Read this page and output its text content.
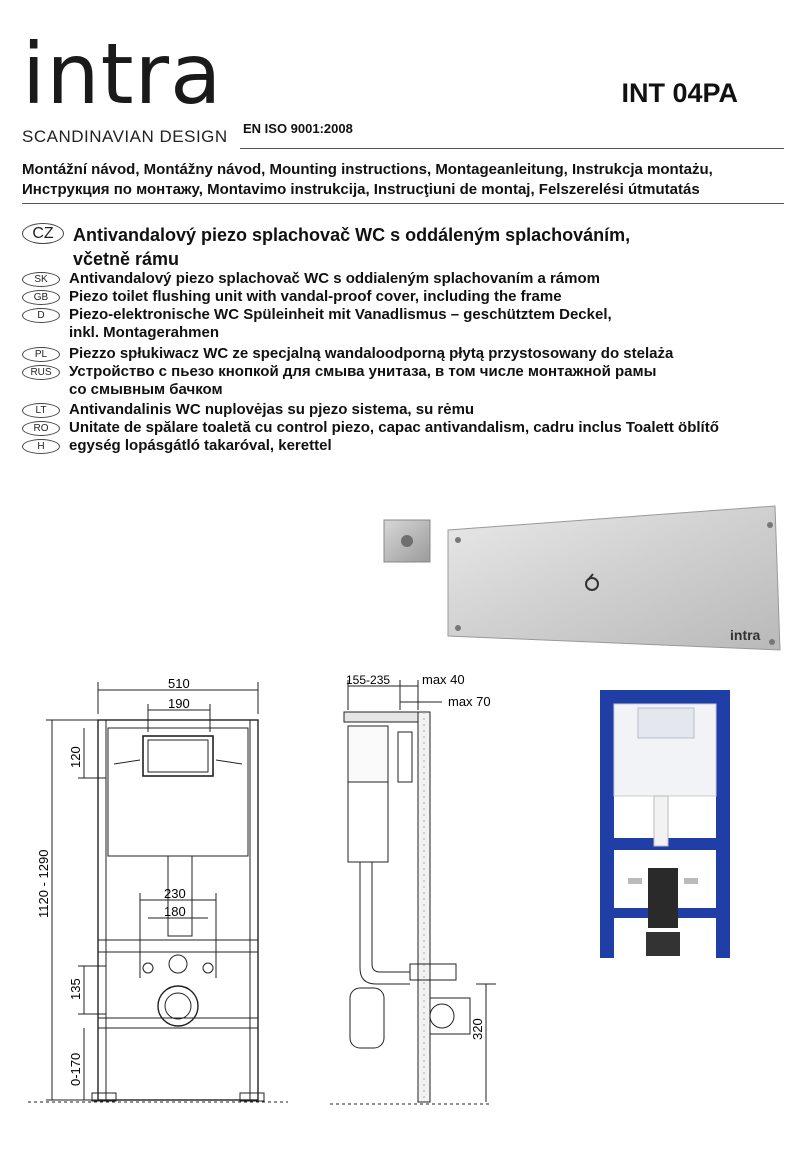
intra
SCANDINAVIAN DESIGN EN ISO 9001:2008
INT 04PA
Montážní návod, Montážny návod, Mounting instructions, Montageanleitung, Instrukcja montażu,
Инструкция по монтажу, Montavimo instrukcija, Instrucţiuni de montaj, Felszerelési útmutatás
CZ	Antivandalový piezo splachovač WC s oddáleným splachováním,
včetně rámu
SK	Antivandalový piezo splachovač WC s oddialeným splachovaním a rámom
GB	Piezo toilet flushing unit with vandal-proof cover, including the frame
D	Piezo-elektronische WC Spüleinheit mit Vanadlismus – geschütztem Deckel,
inkl. Montagerahmen
PL	Piezzo spłukiwacz WC ze specjalną wandaloodporną płytą przystosowany do stelaża
RUS	Устройство с пьезо кнопкой для смыва унитаза, в том числе монтажной рамы
со смывным бачком
LT	Antivandalinis WC nuplovėjas su pjezo sistema, su rėmu
RO	Unitate de spălare toaletă cu control piezo, capac antivandalism, cadru inclus Toalett öblítő
H	egység lopásgátló takaróval, kerettel
intra
510
190
230
180
1120 - 1290
120
135
0-170
155-235 max 40
max 70
320
